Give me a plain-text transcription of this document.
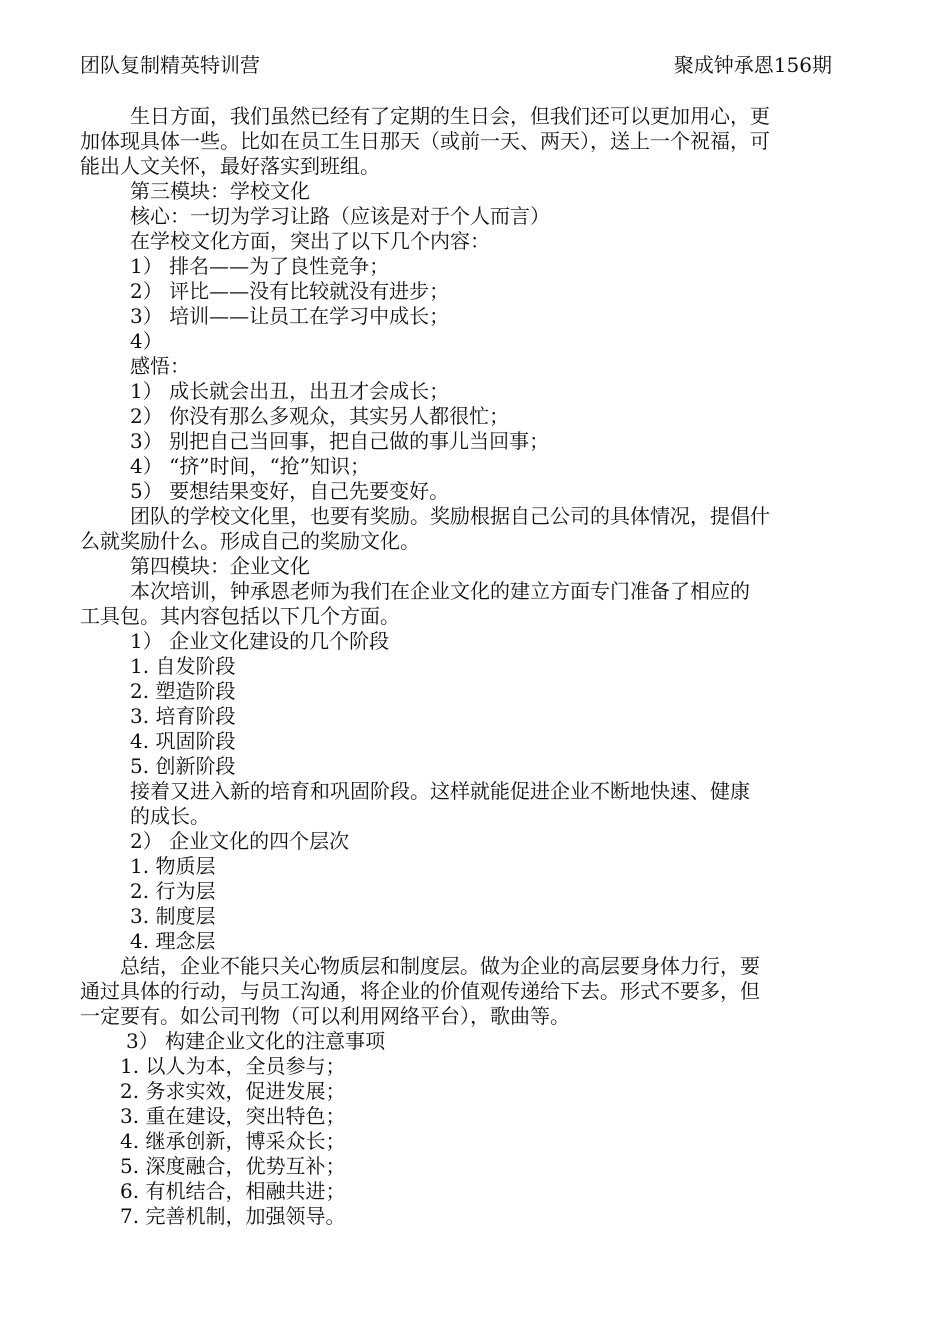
团队复制精英特训营	聚成钟承恩156期
生日方面，我们虽然已经有了定期的生日会，但我们还可以更加用心，更
加体现具体一些。比如在员工生日那天（或前一天、两天），送上一个祝福，可
能出人文关怀，最好落实到班组。
第三模块：学校文化
核心：一切为学习让路（应该是对于个人而言）
在学校文化方面，突出了以下几个内容：
1） 排名——为了良性竞争；
2） 评比——没有比较就没有进步；
3） 培训——让员工在学习中成长；
4）
感悟：
1） 成长就会出丑，出丑才会成长；
2） 你没有那么多观众，其实另人都很忙；
3） 别把自己当回事，把自己做的事儿当回事；
4） “挤”时间，“抢”知识；
5） 要想结果变好，自己先要变好。
团队的学校文化里，也要有奖励。奖励根据自己公司的具体情况，提倡什
么就奖励什么。形成自己的奖励文化。
第四模块：企业文化
本次培训，钟承恩老师为我们在企业文化的建立方面专门准备了相应的
工具包。其内容包括以下几个方面。
1） 企业文化建设的几个阶段
1. 自发阶段
2. 塑造阶段
3. 培育阶段
4. 巩固阶段
5. 创新阶段
接着又进入新的培育和巩固阶段。这样就能促进企业不断地快速、健康
的成长。
2） 企业文化的四个层次
1. 物质层
2. 行为层
3. 制度层
4. 理念层
总结，企业不能只关心物质层和制度层。做为企业的高层要身体力行，要
通过具体的行动，与员工沟通，将企业的价值观传递给下去。形式不要多，但
一定要有。如公司刊物（可以利用网络平台），歌曲等。
3） 构建企业文化的注意事项
1. 以人为本，全员参与；
2. 务求实效，促进发展；
3. 重在建设，突出特色；
4. 继承创新，博采众长；
5. 深度融合，优势互补；
6. 有机结合，相融共进；
7. 完善机制，加强领导。
